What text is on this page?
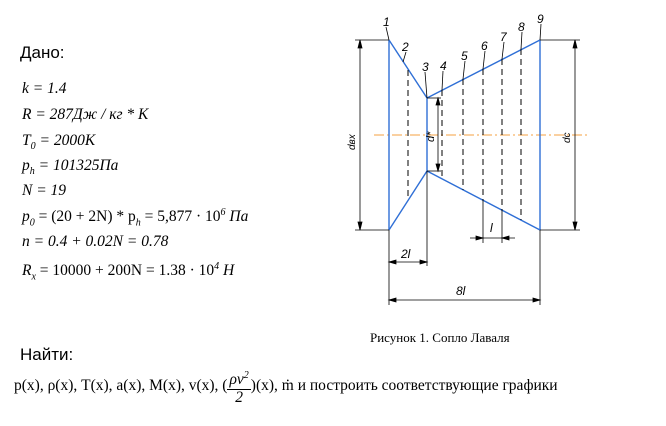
Дано:
k = 1.4
R = 287Дж / кг * К
$T_0 = 2000K$
$p_h = 101325Па$
N = 19
$p_0 = (20 + 2N) * p_h = 5,877 \cdot 10^6$ Па
n = 0.4 + 0.02N = 0.78
$R_x = 10000 + 200N = 1.38 \cdot 10^4$ H
1
2
3 4
5
6
7
8
9
dвх	d*	dc
2l
l
8l
Рисунок 1. Сопло Лаваля
Найти:
p(x), ρ(x), T(x), a(x), M(x), v(x), ( $\frac{\rho v^2}{2} )(x)$, ṁ и построить соответствующие графики
